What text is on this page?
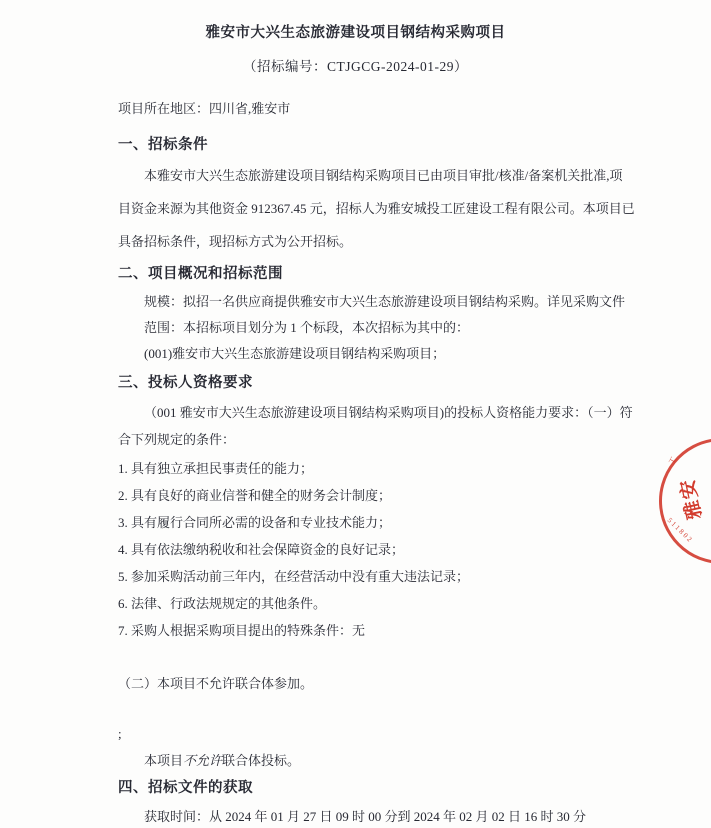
雅安市大兴生态旅游建设项目钢结构采购项目
（招标编号：CTJGCG-2024-01-29）
项目所在地区：四川省,雅安市
一、招标条件
本雅安市大兴生态旅游建设项目钢结构采购项目已由项目审批/核准/备案机关批准,项
目资金来源为其他资金 912367.45 元，招标人为雅安城投工匠建设工程有限公司。本项目已
具备招标条件，现招标方式为公开招标。
二、项目概况和招标范围
规模：拟招一名供应商提供雅安市大兴生态旅游建设项目钢结构采购。详见采购文件
范围：本招标项目划分为 1 个标段，本次招标为其中的：
(001)雅安市大兴生态旅游建设项目钢结构采购项目；
三、投标人资格要求
（001 雅安市大兴生态旅游建设项目钢结构采购项目)的投标人资格能力要求：（一）符
合下列规定的条件：
1. 具有独立承担民事责任的能力；
2. 具有良好的商业信誉和健全的财务会计制度；
3. 具有履行合同所必需的设备和专业技术能力；
4. 具有依法缴纳税收和社会保障资金的良好记录；
5. 参加采购活动前三年内，在经营活动中没有重大违法记录；
6. 法律、行政法规规定的其他条件。
7. 采购人根据采购项目提出的特殊条件：无
（二）本项目不允许联合体参加。
;
本项目不允许联合体投标。
四、招标文件的获取
获取时间：从 2024 年 01 月 27 日 09 时 00 分到 2024 年 02 月 02 日 16 时 30 分
雅安
511802
工
